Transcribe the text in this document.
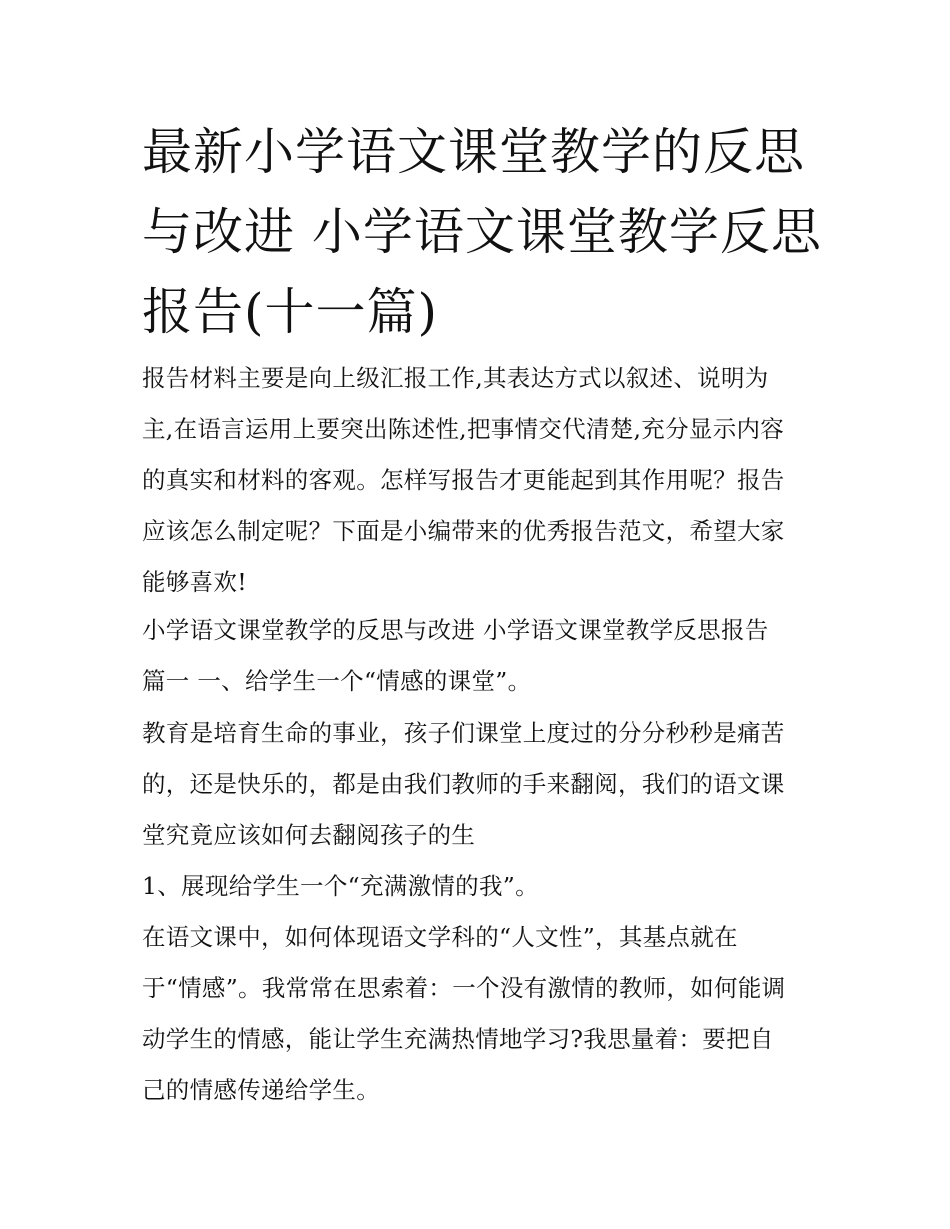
最新小学语文课堂教学的反思
与改进 小学语文课堂教学反思
报告(十一篇)
报告材料主要是向上级汇报工作,其表达方式以叙述、说明为
主,在语言运用上要突出陈述性,把事情交代清楚,充分显示内容
的真实和材料的客观。怎样写报告才更能起到其作用呢？报告
应该怎么制定呢？下面是小编带来的优秀报告范文，希望大家
能够喜欢!
小学语文课堂教学的反思与改进 小学语文课堂教学反思报告
篇一 一、给学生一个“情感的课堂”。
教育是培育生命的事业，孩子们课堂上度过的分分秒秒是痛苦
的，还是快乐的，都是由我们教师的手来翻阅，我们的语文课
堂究竟应该如何去翻阅孩子的生
1、展现给学生一个“充满激情的我”。
在语文课中，如何体现语文学科的“人文性”，其基点就在
于“情感”。我常常在思索着：一个没有激情的教师，如何能调
动学生的情感，能让学生充满热情地学习?我思量着：要把自
己的情感传递给学生。
